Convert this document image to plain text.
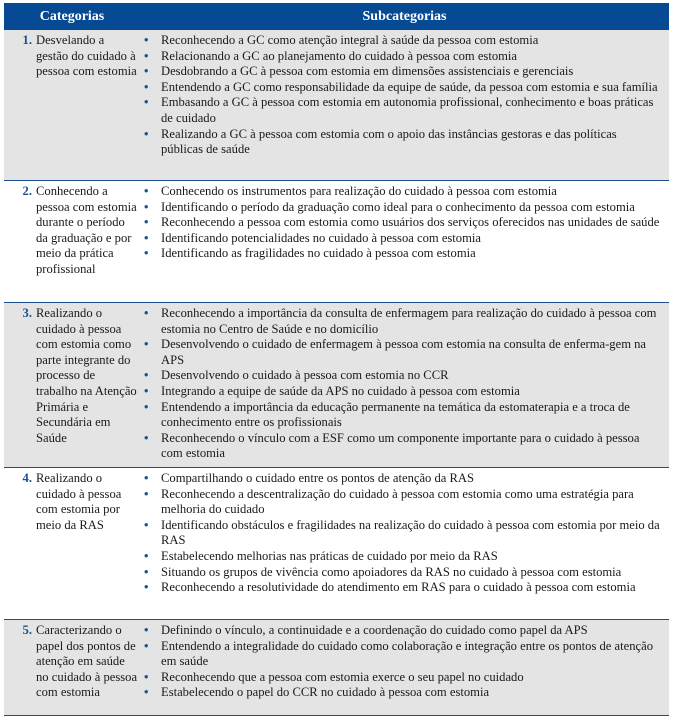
Categorias	Subcategorias
1. Desvelando a gestão do cuidado à pessoa com estomia
• Reconhecendo a GC como atenção integral à saúde da pessoa com estomia
• Relacionando a GC ao planejamento do cuidado à pessoa com estomia
• Desdobrando a GC à pessoa com estomia em dimensões assistenciais e gerenciais
• Entendendo a GC como responsabilidade da equipe de saúde, da pessoa com estomia e sua família
• Embasando a GC à pessoa com estomia em autonomia profissional, conhecimento e boas práticas de cuidado
• Realizando a GC à pessoa com estomia com o apoio das instâncias gestoras e das políticas públicas de saúde
2. Conhecendo a pessoa com estomia durante o período da graduação e por meio da prática profissional
• Conhecendo os instrumentos para realização do cuidado à pessoa com estomia
• Identificando o período da graduação como ideal para o conhecimento da pessoa com estomia
• Reconhecendo a pessoa com estomia como usuários dos serviços oferecidos nas unidades de saúde
• Identificando potencialidades no cuidado à pessoa com estomia
• Identificando as fragilidades no cuidado à pessoa com estomia
3. Realizando o cuidado à pessoa com estomia como parte integrante do processo de trabalho na Atenção Primária e Secundária em Saúde
• Reconhecendo a importância da consulta de enfermagem para realização do cuidado à pessoa com estomia no Centro de Saúde e no domicílio
• Desenvolvendo o cuidado de enfermagem à pessoa com estomia na consulta de enferma-gem na APS
• Desenvolvendo o cuidado à pessoa com estomia no CCR
• Integrando a equipe de saúde da APS no cuidado à pessoa com estomia
• Entendendo a importância da educação permanente na temática da estomaterapia e a troca de conhecimento entre os profissionais
• Reconhecendo o vínculo com a ESF como um componente importante para o cuidado à pessoa com estomia
4. Realizando o cuidado à pessoa com estomia por meio da RAS
• Compartilhando o cuidado entre os pontos de atenção da RAS
• Reconhecendo a descentralização do cuidado à pessoa com estomia como uma estratégia para melhoria do cuidado
• Identificando obstáculos e fragilidades na realização do cuidado à pessoa com estomia por meio da RAS
• Estabelecendo melhorias nas práticas de cuidado por meio da RAS
• Situando os grupos de vivência como apoiadores da RAS no cuidado à pessoa com estomia
• Reconhecendo a resolutividade do atendimento em RAS para o cuidado à pessoa com estomia
5. Caracterizando o papel dos pontos de atenção em saúde no cuidado à pessoa com estomia
• Definindo o vínculo, a continuidade e a coordenação do cuidado como papel da APS
• Entendendo a integralidade do cuidado como colaboração e integração entre os pontos de atenção em saúde
• Reconhecendo que a pessoa com estomia exerce o seu papel no cuidado
• Estabelecendo o papel do CCR no cuidado à pessoa com estomia
